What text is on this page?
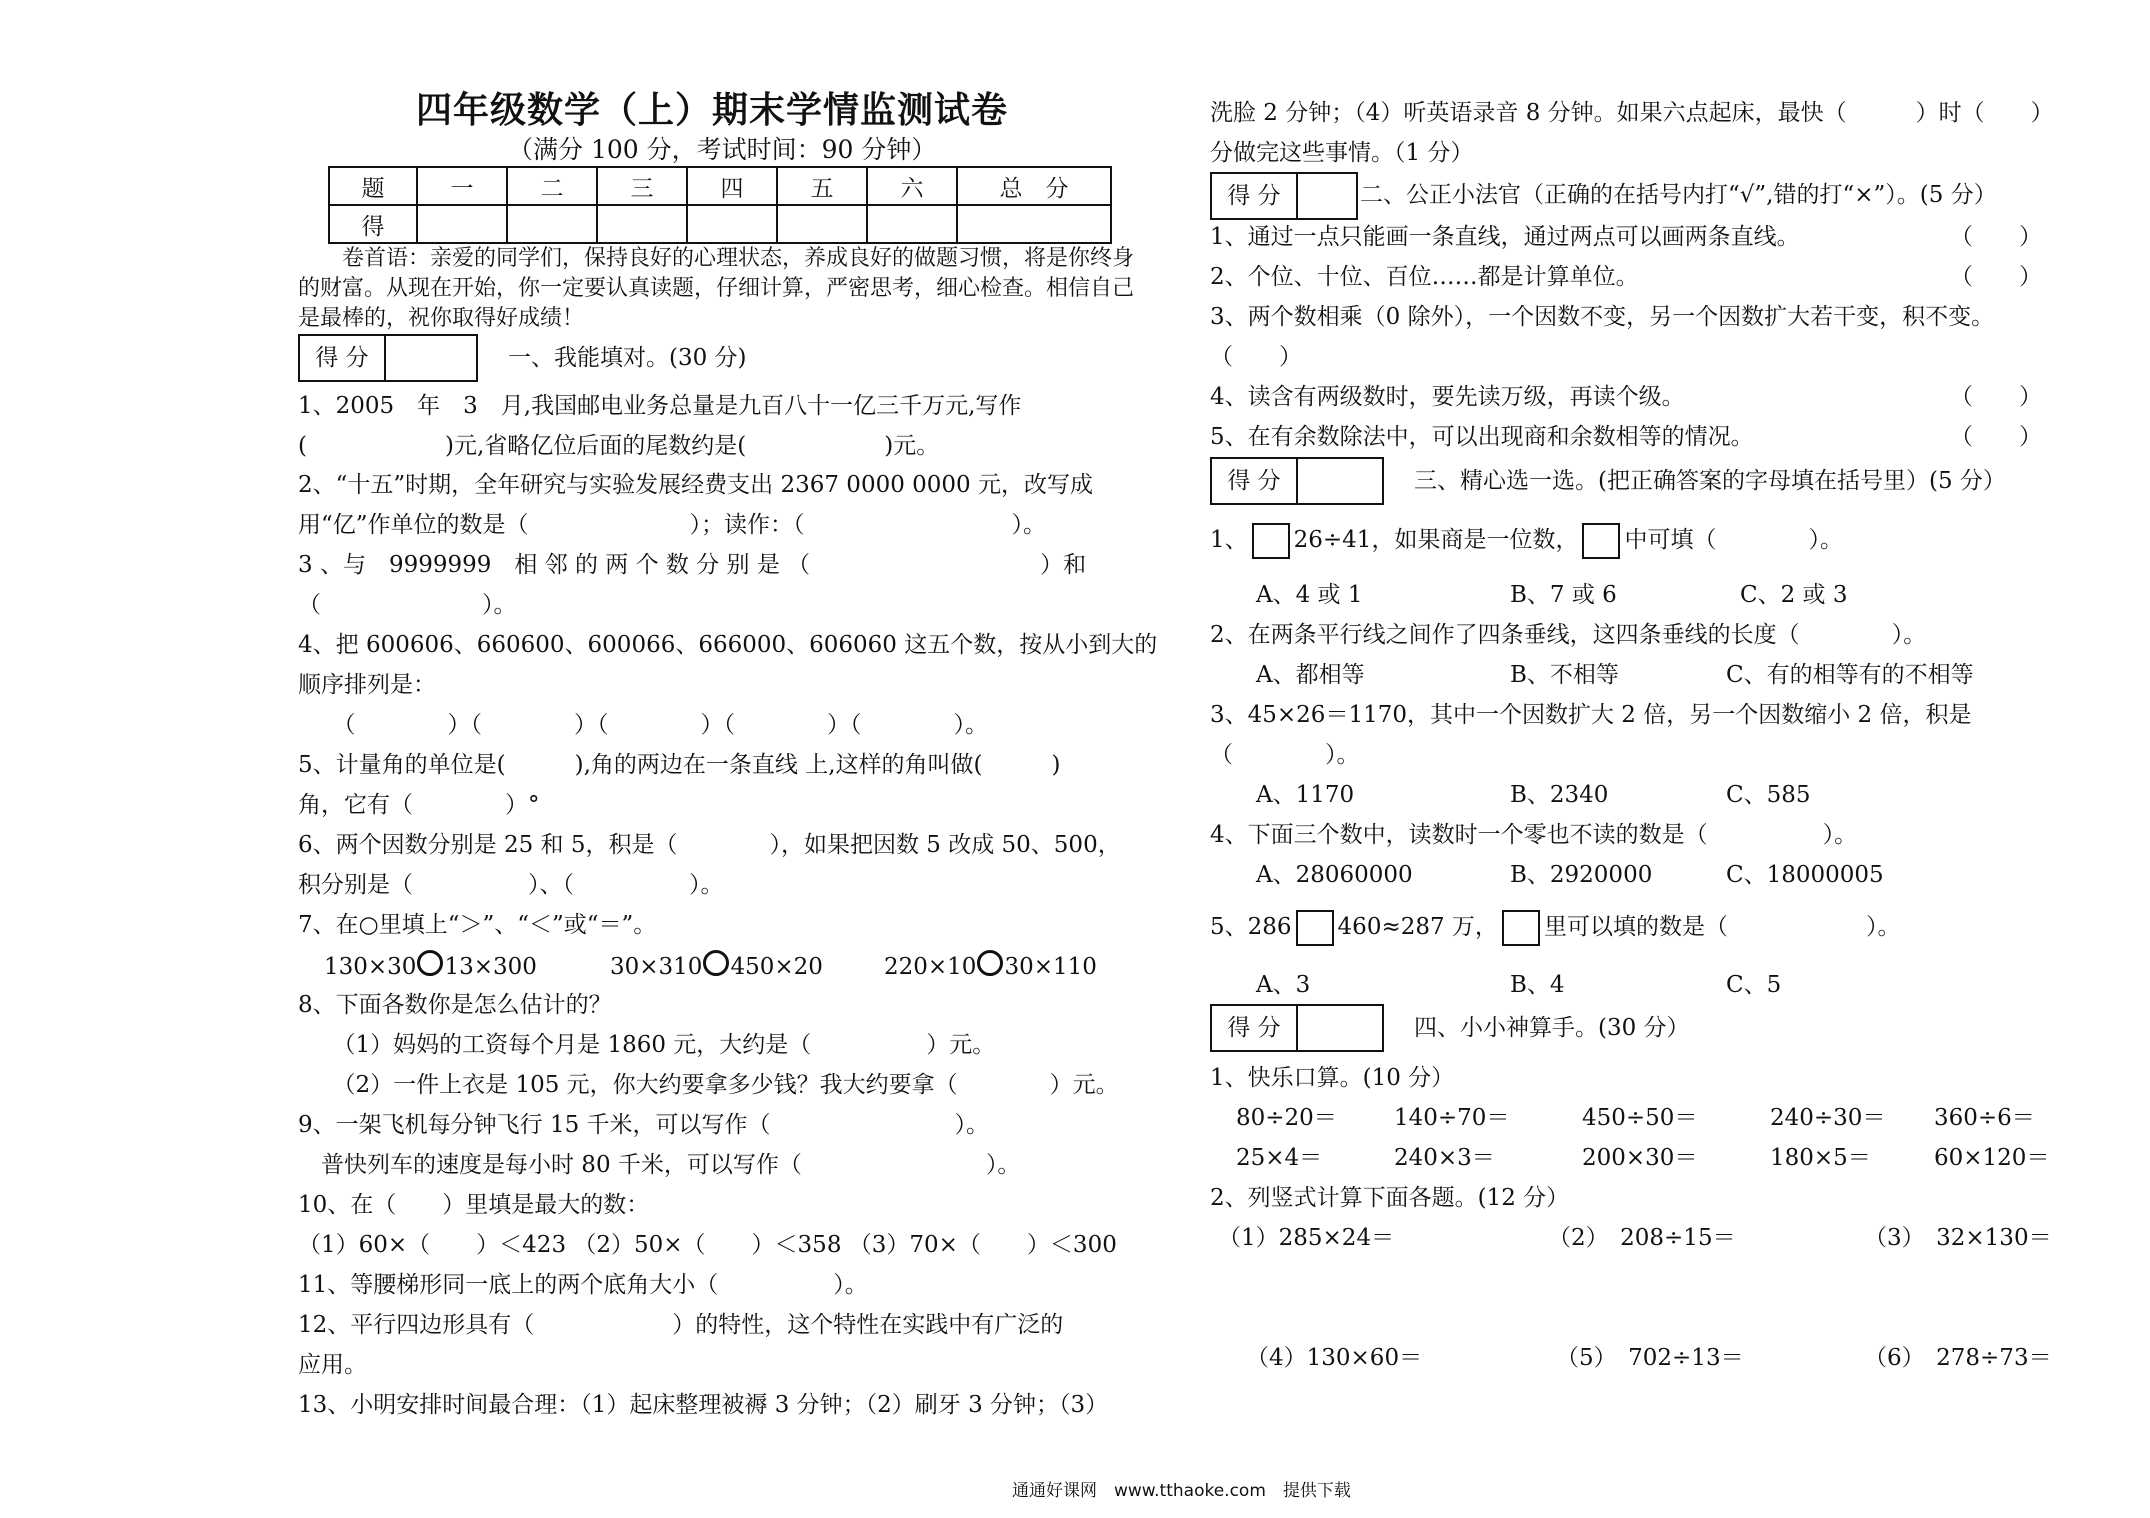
四年级数学（上）期末学情监测试卷
（满分 100 分，考试时间：90 分钟）
题	一	二	三	四	五	六	总　分
得							
卷首语：亲爱的同学们，保持良好的心理状态，养成良好的做题习惯，将是你终身的财富。从现在开始，你一定要认真读题，仔细计算，严密思考，细心检查。相信自己是最棒的，祝你取得好成绩！
得 分	一、我能填对。(30 分)
1、2005　年　3　月,我国邮电业务总量是九百八十一亿三千万元,写作
(　　　　　　)元,省略亿位后面的尾数约是(　　　　　　)元。
2、“十五”时期，全年研究与实验发展经费支出 2367 0000 0000 元，改写成
用“亿”作单位的数是（　　　　　　　）；读作：（　　　　　　　　　）。
3 、与　9999999　相 邻 的 两 个 数 分 别 是 （　　　　　　　　　　）和
（　　　　　　　）。
4、把 600606、660600、600066、666000、606060 这五个数，按从小到大的
顺序排列是：
　　（　　　　）（　　　　）（　　　　）（　　　　）（　　　　）。
5、计量角的单位是(　　　),角的两边在一条直线 上,这样的角叫做(　　　)
角，它有（　　　　）°
6、两个因数分别是 25 和 5，积是（　　　　），如果把因数 5 改成 50、500，
积分别是（　　　　　）、（　　　　　）。
7、在○里填上“＞”、“＜”或“＝”。
130×30 13×300	30×310 450×20	220×10 30×110
8、下面各数你是怎么估计的？
　　（1）妈妈的工资每个月是 1860 元，大约是（　　　　　）元。
　　（2）一件上衣是 105 元，你大约要拿多少钱？我大约要拿（　　　　）元。
9、一架飞机每分钟飞行 15 千米，可以写作（　　　　　　　　）。
　普快列车的速度是每小时 80 千米，可以写作（　　　　　　　　）。
10、在（　　）里填是最大的数：
（1）60×（　　）＜423 （2）50×（　　）＜358 （3）70×（　　）＜300
11、等腰梯形同一底上的两个底角大小（　　　　　）。
12、平行四边形具有（　　　　　　）的特性，这个特性在实践中有广泛的
应用。
13、小明安排时间最合理：（1）起床整理被褥 3 分钟；（2）刷牙 3 分钟；（3）
洗脸 2 分钟；（4）听英语录音 8 分钟。如果六点起床，最快（　　　）时（　　）
分做完这些事情。（1 分）
得 分	二、公正小法官（正确的在括号内打“√”,错的打“×”）。(5 分）
1、通过一点只能画一条直线，通过两点可以画两条直线。	（　　）
2、个位、十位、百位……都是计算单位。	（　　）
3、两个数相乘（0 除外），一个因数不变，另一个因数扩大若干变，积不变。
（　　）
4、读含有两级数时，要先读万级，再读个级。	（　　）
5、在有余数除法中，可以出现商和余数相等的情况。	（　　）
得 分	三、精心选一选。(把正确答案的字母填在括号里）(5 分）
1、 26÷41，如果商是一位数， 中可填（　　　　）。
A、4 或 1	B、7 或 6	C、2 或 3
2、在两条平行线之间作了四条垂线，这四条垂线的长度（　　　　）。
A、都相等	B、不相等	C、有的相等有的不相等
3、45×26＝1170，其中一个因数扩大 2 倍，另一个因数缩小 2 倍，积是
（　　　　）。
A、1170	B、2340	C、585
4、下面三个数中，读数时一个零也不读的数是（　　　　　）。
A、28060000	B、2920000	C、18000005
5、286 460≈287 万， 里可以填的数是（　　　　　　）。
A、3	B、4	C、5
得 分	四、小小神算手。(30 分）
1、快乐口算。(10 分）
80÷20＝ 140÷70＝	450÷50＝	240÷30＝ 360÷6＝
25×4＝	240×3＝	200×30＝	180×5＝	60×120＝
2、列竖式计算下面各题。(12 分）
（1）285×24＝	（2）　208÷15＝	（3）　32×130＝
（4）130×60＝	（5）　702÷13＝	（6）　278÷73＝
通通好课网　www.tthaoke.com　提供下载
